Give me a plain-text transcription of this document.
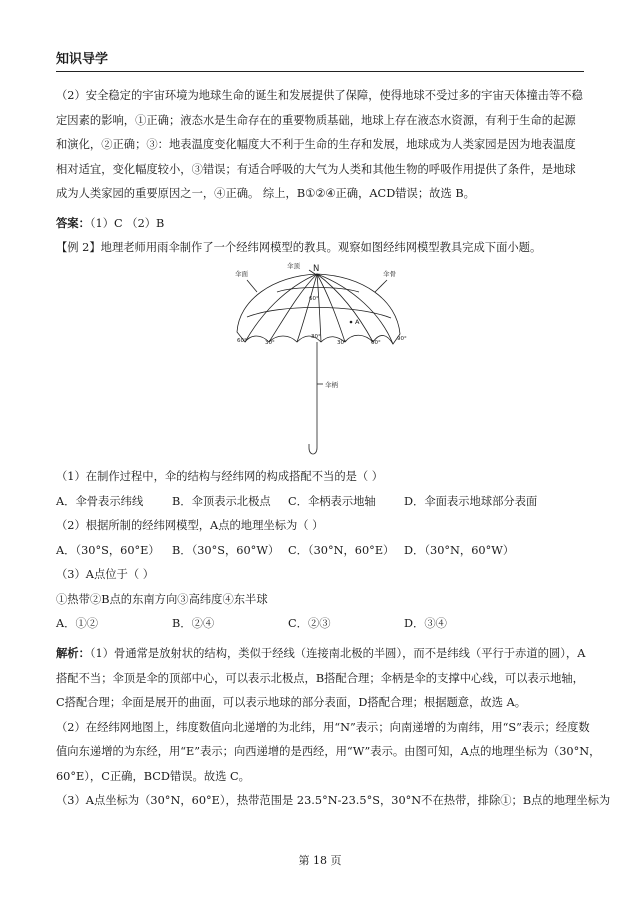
知识导学
（2）安全稳定的宇宙环境为地球生命的诞生和发展提供了保障，使得地球不受过多的宇宙天体撞击等不稳
定因素的影响，①正确；液态水是生命存在的重要物质基础，地球上存在液态水资源，有利于生命的起源
和演化，②正确；③：地表温度变化幅度大不利于生命的生存和发展，地球成为人类家园是因为地表温度
相对适宜，变化幅度较小，③错误；有适合呼吸的大气为人类和其他生物的呼吸作用提供了条件，是地球
成为人类家园的重要原因之一，④正确。 综上，B①②④正确，ACD错误；故选 B。
答案：（1）C （2）B
【例 2】地理老师用雨伞制作了一个经纬网模型的教具。观察如图经纬网模型教具完成下面小题。
伞顶 N
伞面	伞骨
伞柄
A
60°
30°
30°	30°
60°	60°
90°
（1）在制作过程中，伞的结构与经纬网的构成搭配不当的是（ ）
A．伞骨表示纬线	B．伞顶表示北极点	C．伞柄表示地轴	D．伞面表示地球部分表面
（2）根据所制的经纬网模型，A点的地理坐标为（ ）
A．（30°S，60°E）	B．（30°S，60°W） C．（30°N，60°E） D．（30°N，60°W）
（3）A点位于（ ）
①热带②B点的东南方向③高纬度④东半球
A．①②	B．②④	C．②③	D．③④
解析：（1）骨通常是放射状的结构，类似于经线（连接南北极的半圆），而不是纬线（平行于赤道的圆），A
搭配不当；伞顶是伞的顶部中心，可以表示北极点，B搭配合理；伞柄是伞的支撑中心线，可以表示地轴，
C搭配合理；伞面是展开的曲面，可以表示地球的部分表面，D搭配合理；根据题意，故选 A。
（2）在经纬网地图上，纬度数值向北递增的为北纬，用“N”表示；向南递增的为南纬，用“S”表示；经度数
值向东递增的为东经，用“E”表示；向西递增的是西经，用“W”表示。由图可知，A点的地理坐标为（30°N，
60°E），C正确，BCD错误。故选 C。
（3）A点坐标为（30°N，60°E），热带范围是 23.5°N-23.5°S，30°N不在热带，排除①；B点的地理坐标为
第 18 页
